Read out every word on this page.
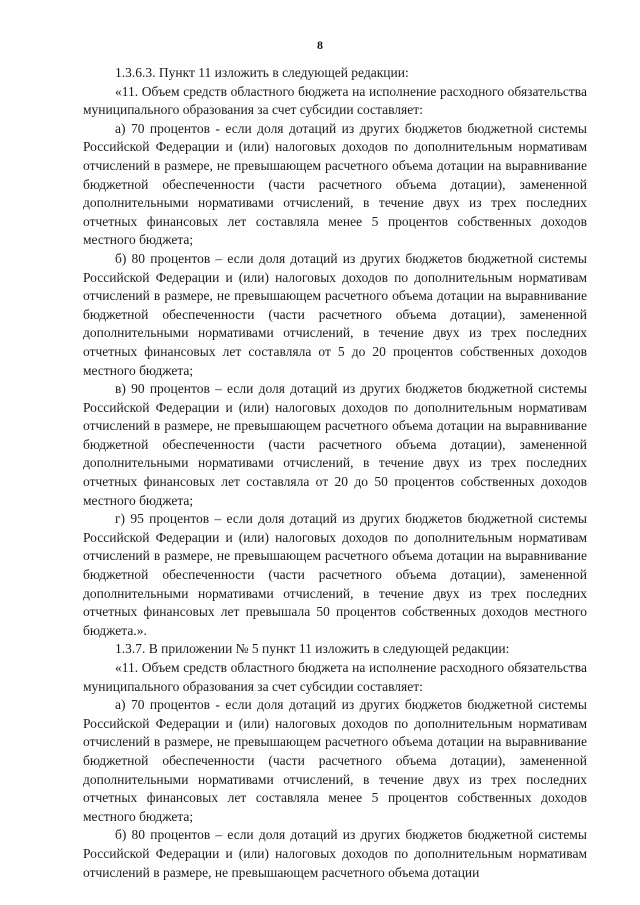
8

1.3.6.3. Пункт 11 изложить в следующей редакции:

«11. Объем средств областного бюджета на исполнение расходного обязательства муниципального образования за счет субсидии составляет:

а) 70 процентов - если доля дотаций из других бюджетов бюджетной системы Российской Федерации и (или) налоговых доходов по дополнительным нормативам отчислений в размере, не превышающем расчетного объема дотации на выравнивание бюджетной обеспеченности (части расчетного объема дотации), замененной дополнительными нормативами отчислений, в течение двух из трех последних отчетных финансовых лет составляла менее 5 процентов собственных доходов местного бюджета;

б) 80 процентов – если доля дотаций из других бюджетов бюджетной системы Российской Федерации и (или) налоговых доходов по дополнительным нормативам отчислений в размере, не превышающем расчетного объема дотации на выравнивание бюджетной обеспеченности (части расчетного объема дотации), замененной дополнительными нормативами отчислений, в течение двух из трех последних отчетных финансовых лет составляла от 5 до 20 процентов собственных доходов местного бюджета;

в) 90 процентов – если доля дотаций из других бюджетов бюджетной системы Российской Федерации и (или) налоговых доходов по дополнительным нормативам отчислений в размере, не превышающем расчетного объема дотации на выравнивание бюджетной обеспеченности (части расчетного объема дотации), замененной дополнительными нормативами отчислений, в течение двух из трех последних отчетных финансовых лет составляла от 20 до 50 процентов собственных доходов местного бюджета;

г) 95 процентов – если доля дотаций из других бюджетов бюджетной системы Российской Федерации и (или) налоговых доходов по дополнительным нормативам отчислений в размере, не превышающем расчетного объема дотации на выравнивание бюджетной обеспеченности (части расчетного объема дотации), замененной дополнительными нормативами отчислений, в течение двух из трех последних отчетных финансовых лет превышала 50 процентов собственных доходов местного бюджета.».

1.3.7. В приложении № 5 пункт 11 изложить в следующей редакции:

«11. Объем средств областного бюджета на исполнение расходного обязательства муниципального образования за счет субсидии составляет:

а) 70 процентов - если доля дотаций из других бюджетов бюджетной системы Российской Федерации и (или) налоговых доходов по дополнительным нормативам отчислений в размере, не превышающем расчетного объема дотации на выравнивание бюджетной обеспеченности (части расчетного объема дотации), замененной дополнительными нормативами отчислений, в течение двух из трех последних отчетных финансовых лет составляла менее 5 процентов собственных доходов местного бюджета;

б) 80 процентов – если доля дотаций из других бюджетов бюджетной системы Российской Федерации и (или) налоговых доходов по дополнительным нормативам отчислений в размере, не превышающем расчетного объема дотации
